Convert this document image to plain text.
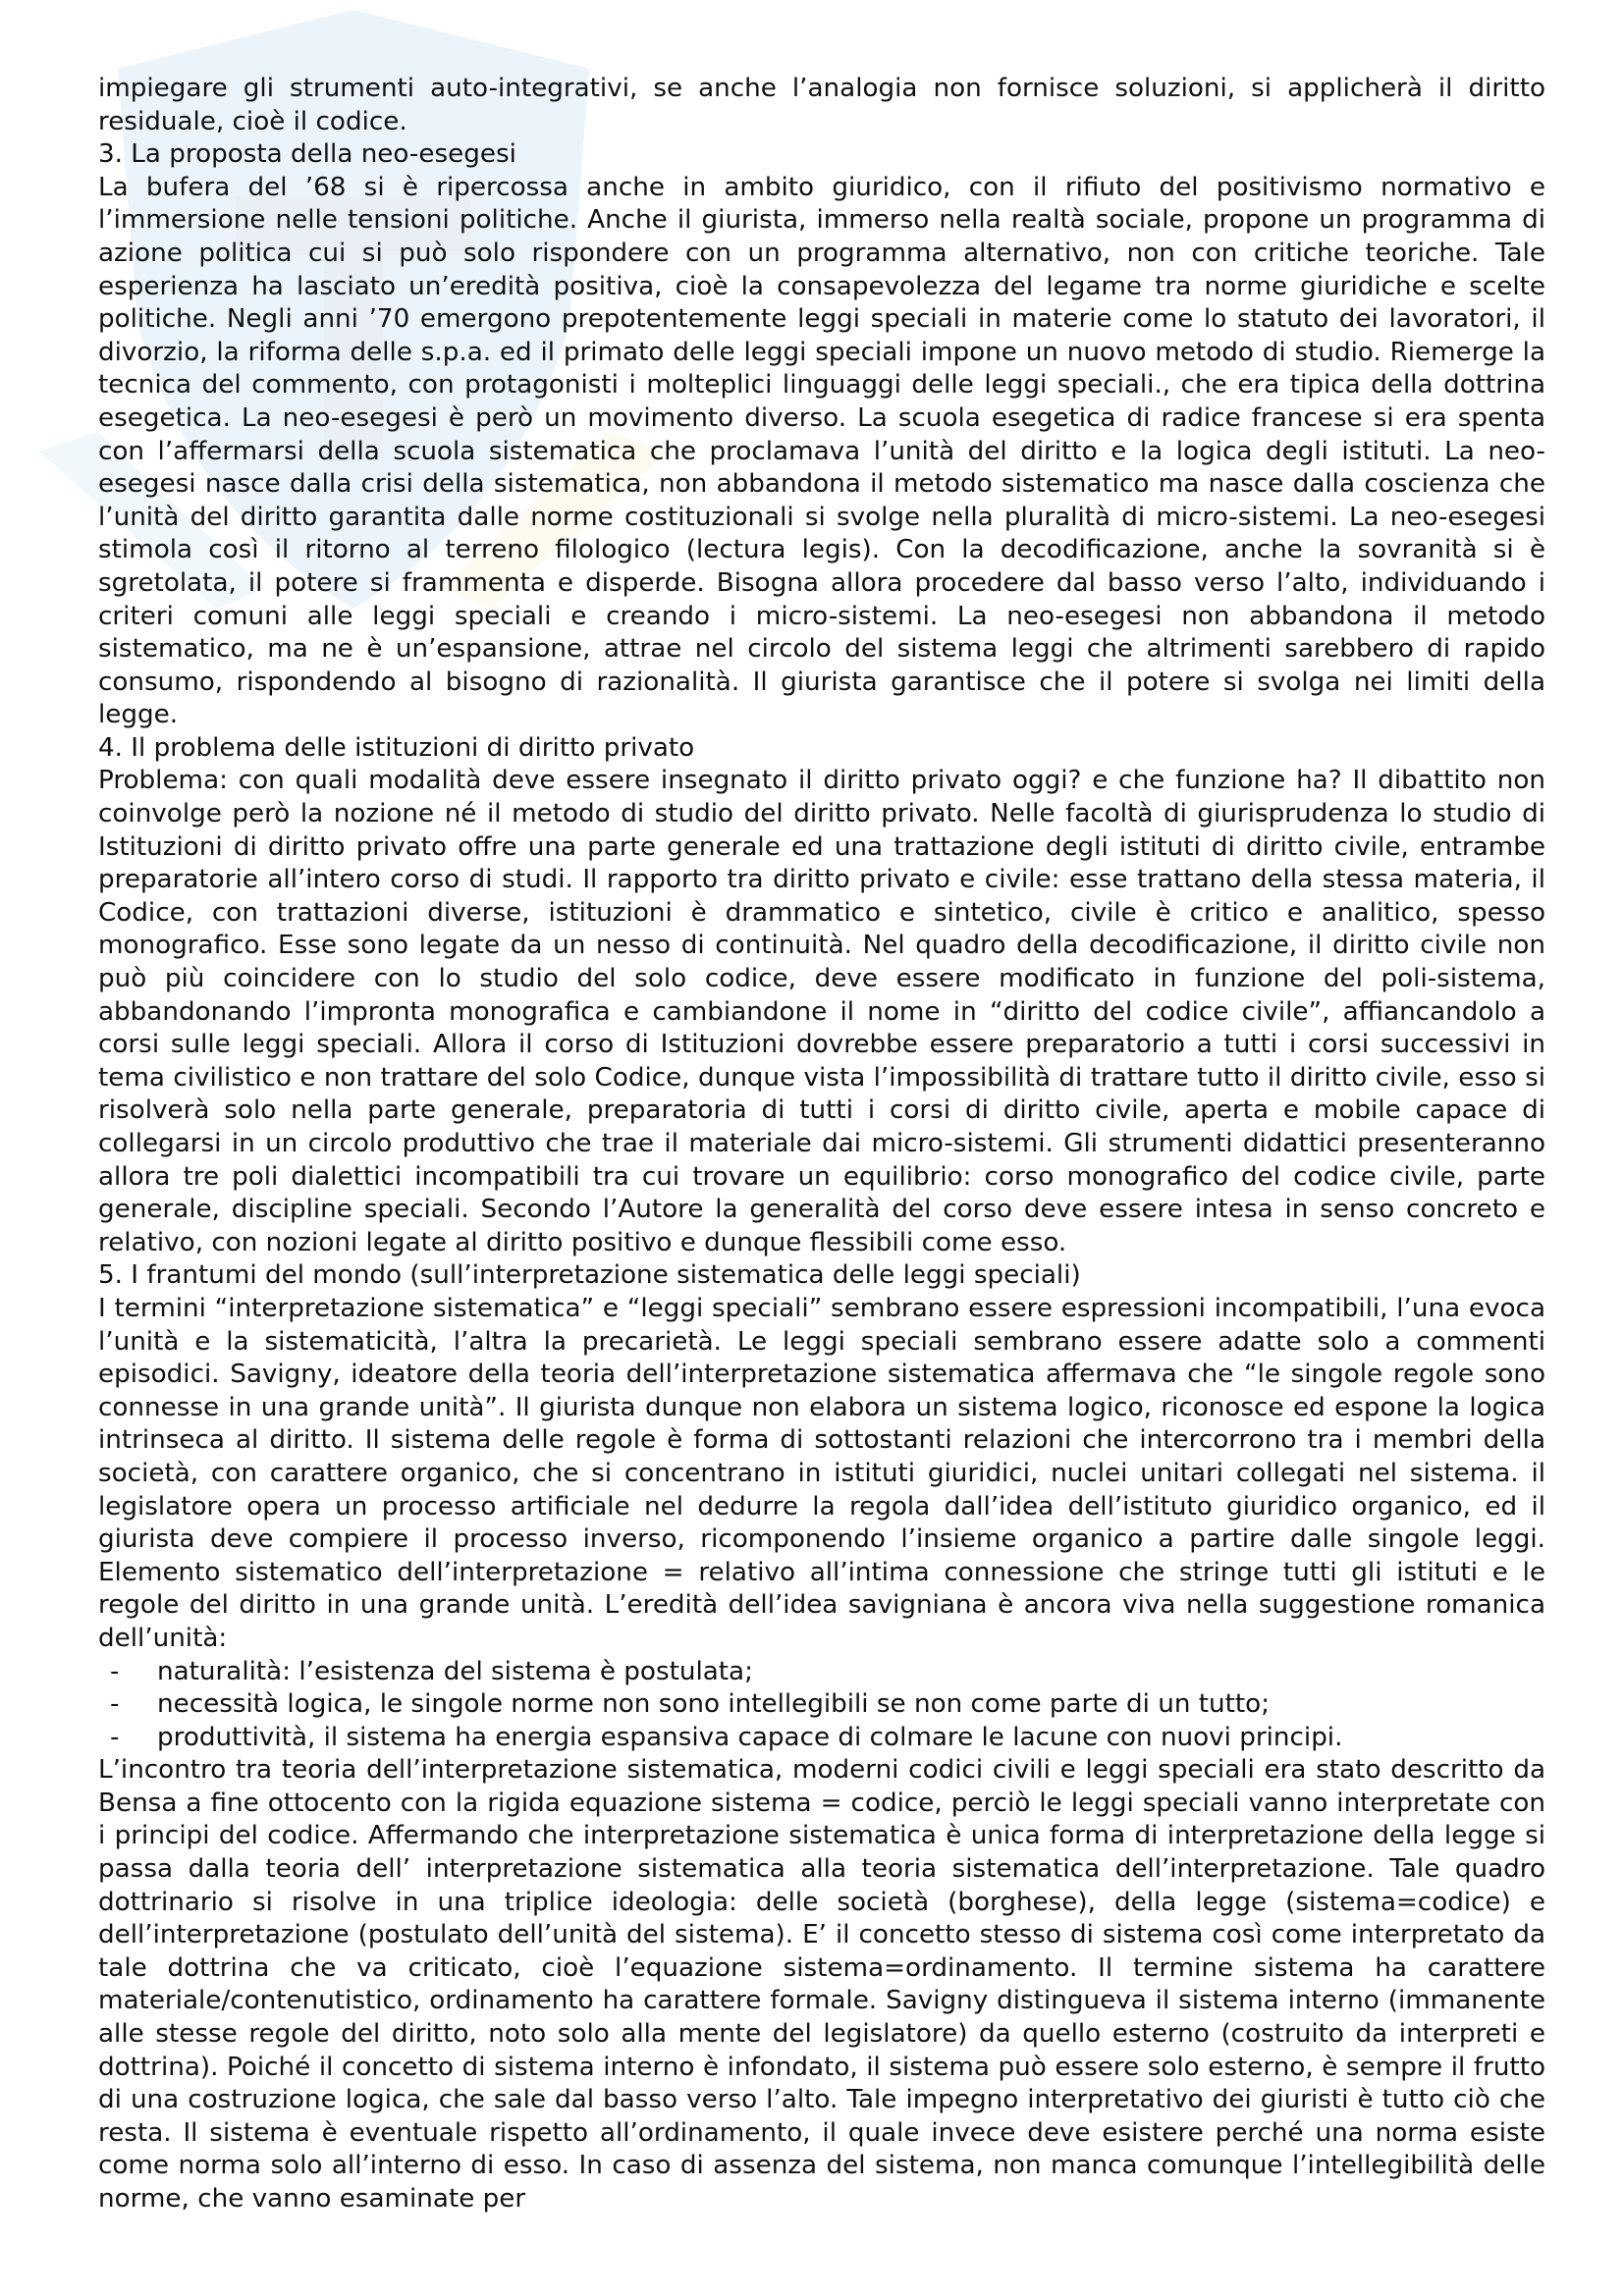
impiegare gli strumenti auto-integrativi, se anche l’analogia non fornisce soluzioni, si applicherà il diritto residuale, cioè il codice.

3. La proposta della neo-esegesi

La bufera del ’68 si è ripercossa anche in ambito giuridico, con il rifiuto del positivismo normativo e l’immersione nelle tensioni politiche. Anche il giurista, immerso nella realtà sociale, propone un programma di azione politica cui si può solo rispondere con un programma alternativo, non con critiche teoriche. Tale esperienza ha lasciato un’eredità positiva, cioè la consapevolezza del legame tra norme giuridiche e scelte politiche. Negli anni ’70 emergono prepotentemente leggi speciali in materie come lo statuto dei lavoratori, il divorzio, la riforma delle s.p.a. ed il primato delle leggi speciali impone un nuovo metodo di studio. Riemerge la tecnica del commento, con protagonisti i molteplici linguaggi delle leggi speciali., che era tipica della dottrina esegetica. La neo-esegesi è però un movimento diverso. La scuola esegetica di radice francese si era spenta con l’affermarsi della scuola sistematica che proclamava l’unità del diritto e la logica degli istituti. La neo-esegesi nasce dalla crisi della sistematica, non abbandona il metodo sistematico ma nasce dalla coscienza che l’unità del diritto garantita dalle norme costituzionali si svolge nella pluralità di micro-sistemi. La neo-esegesi stimola così il ritorno al terreno filologico (lectura legis). Con la decodificazione, anche la sovranità si è sgretolata, il potere si frammenta e disperde. Bisogna allora procedere dal basso verso l’alto, individuando i criteri comuni alle leggi speciali e creando i micro-sistemi. La neo-esegesi non abbandona il metodo sistematico, ma ne è un’espansione, attrae nel circolo del sistema leggi che altrimenti sarebbero di rapido consumo, rispondendo al bisogno di razionalità. Il giurista garantisce che il potere si svolga nei limiti della legge.

4. Il problema delle istituzioni di diritto privato

Problema: con quali modalità deve essere insegnato il diritto privato oggi? e che funzione ha? Il dibattito non coinvolge però la nozione né il metodo di studio del diritto privato. Nelle facoltà di giurisprudenza lo studio di Istituzioni di diritto privato offre una parte generale ed una trattazione degli istituti di diritto civile, entrambe preparatorie all’intero corso di studi. Il rapporto tra diritto privato e civile: esse trattano della stessa materia, il Codice, con trattazioni diverse, istituzioni è drammatico e sintetico, civile è critico e analitico, spesso monografico. Esse sono legate da un nesso di continuità. Nel quadro della decodificazione, il diritto civile non può più coincidere con lo studio del solo codice, deve essere modificato in funzione del poli-sistema, abbandonando l’impronta monografica e cambiandone il nome in “diritto del codice civile”, affiancandolo a corsi sulle leggi speciali. Allora il corso di Istituzioni dovrebbe essere preparatorio a tutti i corsi successivi in tema civilistico e non trattare del solo Codice, dunque vista l’impossibilità di trattare tutto il diritto civile, esso si risolverà solo nella parte generale, preparatoria di tutti i corsi di diritto civile, aperta e mobile capace di collegarsi in un circolo produttivo che trae il materiale dai micro-sistemi. Gli strumenti didattici presenteranno allora tre poli dialettici incompatibili tra cui trovare un equilibrio: corso monografico del codice civile, parte generale, discipline speciali. Secondo l’Autore la generalità del corso deve essere intesa in senso concreto e relativo, con nozioni legate al diritto positivo e dunque flessibili come esso.

5. I frantumi del mondo (sull’interpretazione sistematica delle leggi speciali)

I termini “interpretazione sistematica” e “leggi speciali” sembrano essere espressioni incompatibili, l’una evoca l’unità e la sistematicità, l’altra la precarietà. Le leggi speciali sembrano essere adatte solo a commenti episodici. Savigny, ideatore della teoria dell’interpretazione sistematica affermava che “le singole regole sono connesse in una grande unità”. Il giurista dunque non elabora un sistema logico, riconosce ed espone la logica intrinseca al diritto. Il sistema delle regole è forma di sottostanti relazioni che intercorrono tra i membri della società, con carattere organico, che si concentrano in istituti giuridici, nuclei unitari collegati nel sistema. il legislatore opera un processo artificiale nel dedurre la regola dall’idea dell’istituto giuridico organico, ed il giurista deve compiere il processo inverso, ricomponendo l’insieme organico a partire dalle singole leggi. Elemento sistematico dell’interpretazione = relativo all’intima connessione che stringe tutti gli istituti e le regole del diritto in una grande unità. L’eredità dell’idea savigniana è ancora viva nella suggestione romanica dell’unità:

- naturalità: l’esistenza del sistema è postulata;
- necessità logica, le singole norme non sono intellegibili se non come parte di un tutto;
- produttività, il sistema ha energia espansiva capace di colmare le lacune con nuovi principi.

L’incontro tra teoria dell’interpretazione sistematica, moderni codici civili e leggi speciali era stato descritto da Bensa a fine ottocento con la rigida equazione sistema = codice, perciò le leggi speciali vanno interpretate con i principi del codice. Affermando che interpretazione sistematica è unica forma di interpretazione della legge si passa dalla teoria dell’ interpretazione sistematica alla teoria sistematica dell’interpretazione. Tale quadro dottrinario si risolve in una triplice ideologia: delle società (borghese), della legge (sistema=codice) e dell’interpretazione (postulato dell’unità del sistema). E’ il concetto stesso di sistema così come interpretato da tale dottrina che va criticato, cioè l’equazione sistema=ordinamento. Il termine sistema ha carattere materiale/contenutistico, ordinamento ha carattere formale. Savigny distingueva il sistema interno (immanente alle stesse regole del diritto, noto solo alla mente del legislatore) da quello esterno (costruito da interpreti e dottrina). Poiché il concetto di sistema interno è infondato, il sistema può essere solo esterno, è sempre il frutto di una costruzione logica, che sale dal basso verso l’alto. Tale impegno interpretativo dei giuristi è tutto ciò che resta. Il sistema è eventuale rispetto all’ordinamento, il quale invece deve esistere perché una norma esiste come norma solo all’interno di esso. In caso di assenza del sistema, non manca comunque l’intellegibilità delle norme, che vanno esaminate per
